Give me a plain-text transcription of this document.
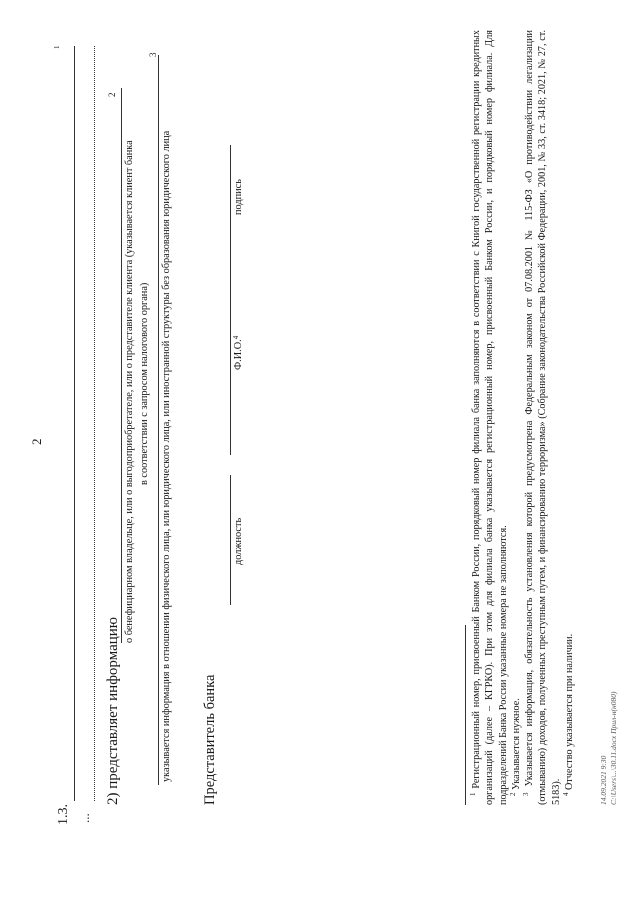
2
1.3.
1
...
2) представляет информацию
2
о бенефициарном владельце, или о выгодоприобретателе, или о представителе клиента (указывается клиент банка в соответствии с запросом налогового органа)
3
указывается информация в отношении физического лица, или юридического лица, или иностранной структуры без образования юридического лица Представитель банка
должность
Ф.И.О.$^4$
подпись

$^1$ Регистрационный номер, присвоенный Банком России, порядковый номер филиала банка заполняются в соответствии с Книгой государственной регистрации кредитных организаций (далее – КГРКО). При этом для филиала банка указывается регистрационный номер, присвоенный Банком России, и порядковый номер филиала. Для подразделений Банка России указанные номера не заполняются. $^2$ Указывается нужное.

$^3$ Указывается информация, обязательность установления которой предусмотрена Федеральным законом от 07.08.2001 № 115-ФЗ «О противодействии легализации (отмыванию) доходов, полученных преступным путем, и финансированию терроризма» (Собрание законодательства Российской Федерации, 2001, № 33, ст. 3418; 2021, № 27, ст. 5183). $^4$ Отчество указывается при наличии.	14.09.2021 9:30 C:\Users\...\30.11.docx Прил-н(н080)
